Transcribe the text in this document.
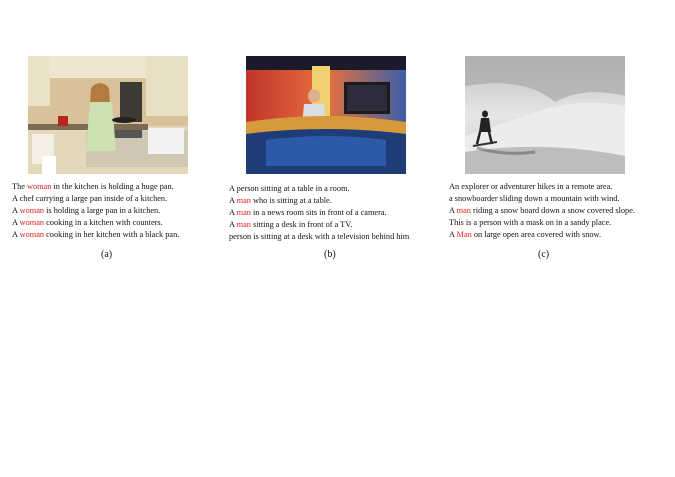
The woman in the kitchen is holding a huge pan.
A chef carrying a large pan inside of a kitchen.
A woman is holding a large pan in a kitchen.
A woman cooking in a kitchen with counters.
A woman cooking in her kitchen with a black pan.
(a)
A person sitting at a table in a room.
A man who is sitting at a table.
A man in a news room sits in front of a camera.
A man sitting a desk in front of a TV.
person is sitting at a desk with a television behind him
(b)
An explorer or adventurer hikes in a remote area.
a snowboarder sliding down a mountain with wind.
A man riding a snow board down a snow covered slope.
This is a person with a mask on in a sandy place.
A Man on large open area covered with snow.
(c)
